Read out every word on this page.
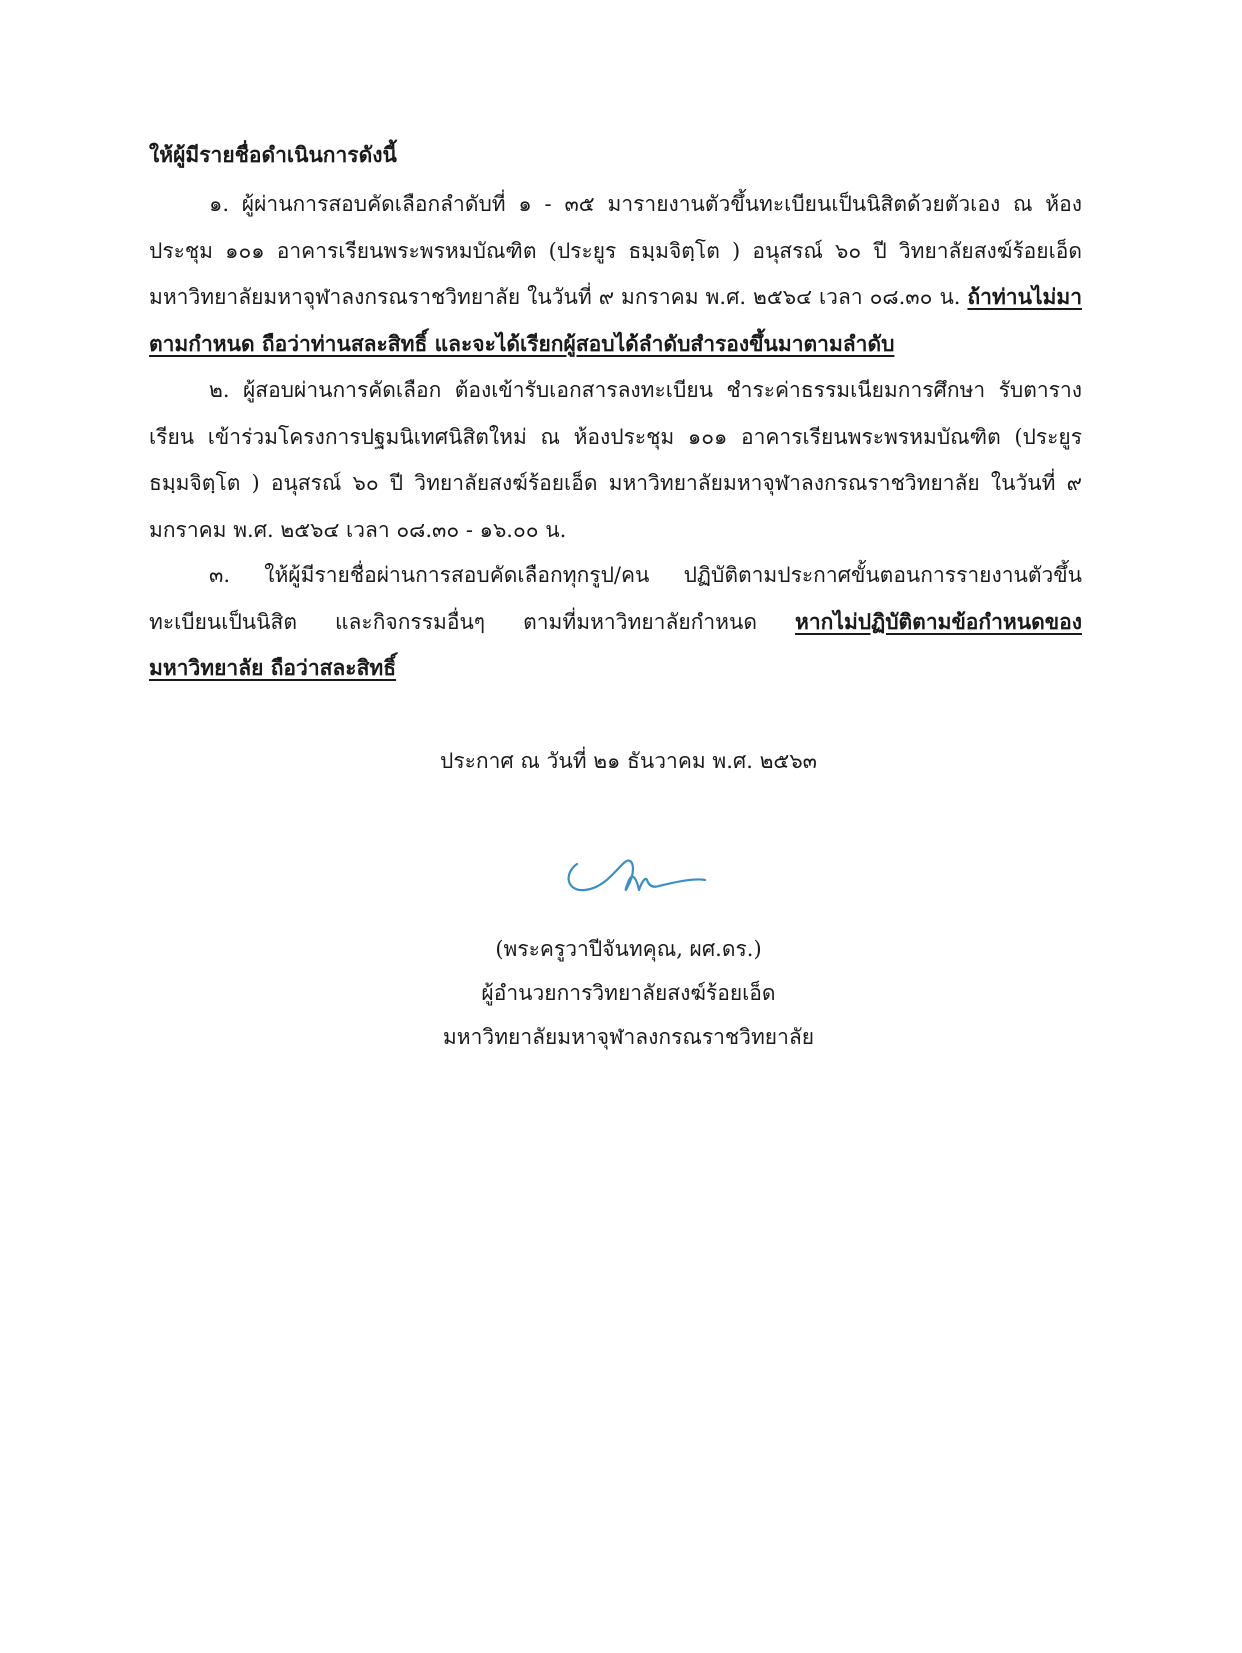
ให้ผู้มีรายชื่อดำเนินการดังนี้

๑. ผู้ผ่านการสอบคัดเลือกลำดับที่ ๑ - ๓๕ มารายงานตัวขึ้นทะเบียนเป็นนิสิตด้วยตัวเอง ณ ห้องประชุม ๑๐๑ อาคารเรียนพระพรหมบัณฑิต (ประยูร ธมฺมจิตฺโต ) อนุสรณ์ ๖๐ ปี วิทยาลัยสงฆ์ร้อยเอ็ด มหาวิทยาลัยมหาจุฬาลงกรณราชวิทยาลัย ในวันที่ ๙ มกราคม พ.ศ. ๒๕๖๔ เวลา ๐๘.๓๐ น. ถ้าท่านไม่มาตามกำหนด ถือว่าท่านสละสิทธิ์ และจะได้เรียกผู้สอบได้ลำดับสำรองขึ้นมาตามลำดับ

๒. ผู้สอบผ่านการคัดเลือก ต้องเข้ารับเอกสารลงทะเบียน ชำระค่าธรรมเนียมการศึกษา รับตารางเรียน เข้าร่วมโครงการปฐมนิเทศนิสิตใหม่ ณ ห้องประชุม ๑๐๑ อาคารเรียนพระพรหมบัณฑิต (ประยูร ธมฺมจิตฺโต ) อนุสรณ์ ๖๐ ปี วิทยาลัยสงฆ์ร้อยเอ็ด มหาวิทยาลัยมหาจุฬาลงกรณราชวิทยาลัย ในวันที่ ๙ มกราคม พ.ศ. ๒๕๖๔ เวลา ๐๘.๓๐ - ๑๖.๐๐ น.

๓. ให้ผู้มีรายชื่อผ่านการสอบคัดเลือกทุกรูป/คน ปฏิบัติตามประกาศขั้นตอนการรายงานตัวขึ้นทะเบียนเป็นนิสิต และกิจกรรมอื่นๆ ตามที่มหาวิทยาลัยกำหนด หากไม่ปฏิบัติตามข้อกำหนดของมหาวิทยาลัย ถือว่าสละสิทธิ์

ประกาศ ณ วันที่ ๒๑ ธันวาคม พ.ศ. ๒๕๖๓

(พระครูวาปีจันทคุณ, ผศ.ดร.)
ผู้อำนวยการวิทยาลัยสงฆ์ร้อยเอ็ด
มหาวิทยาลัยมหาจุฬาลงกรณราชวิทยาลัย
